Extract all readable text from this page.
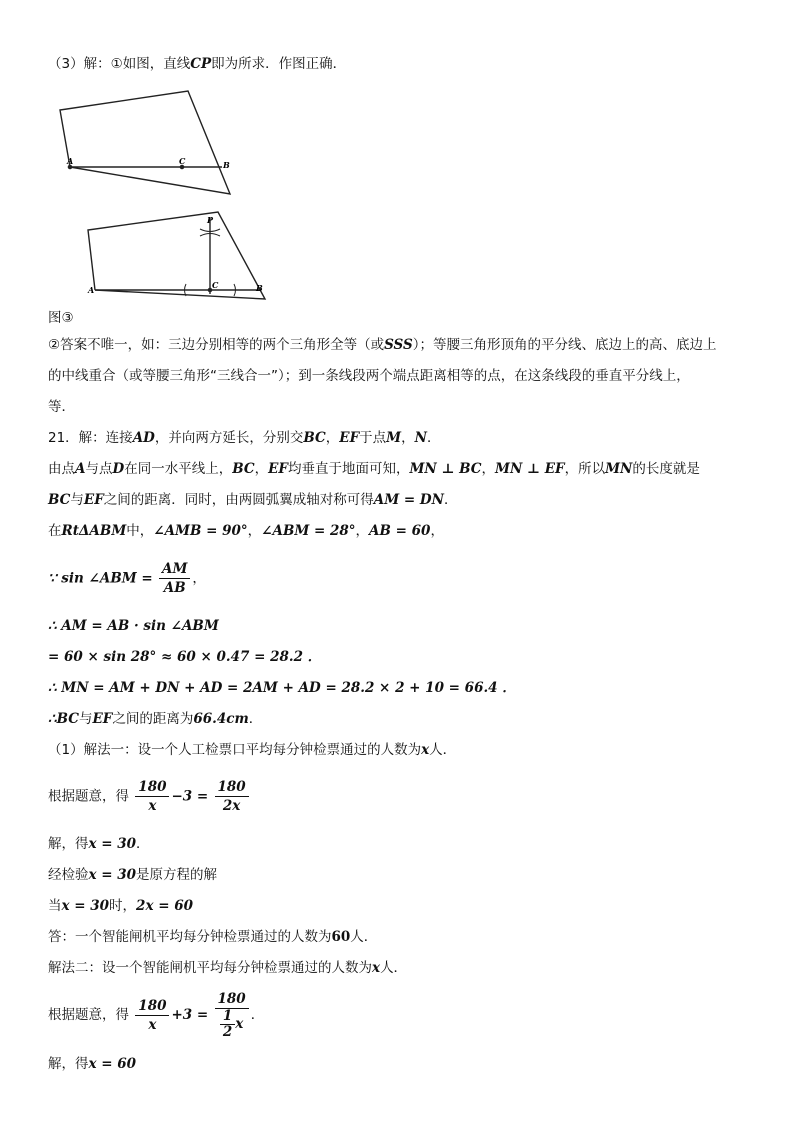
（3）解：①如图，直线CP即为所求．作图正确．
A	C	B
P
A	C	B
图③
②答案不唯一，如：三边分别相等的两个三角形全等（或SSS）；等腰三角形顶角的平分线、底边上的高、底边上
的中线重合（或等腰三角形“三线合一”）；到一条线段两个端点距离相等的点，在这条线段的垂直平分线上，
等．
21．解：连接AD，并向两方延长，分别交BC，EF于点M，N．
由点A与点D在同一水平线上，BC，EF均垂直于地面可知，MN ⊥ BC，MN ⊥ EF，所以MN的长度就是
BC与EF之间的距离．同时，由两圆弧翼成轴对称可得AM = DN．
在RtΔABM中，∠AMB = 90°，∠ABM = 28°，AB = 60，
∵ sin ∠ABM = $\frac{AM}{AB}$ ，
∴ AM = AB · sin ∠ABM
= 60 × sin 28° ≈ 60 × 0.47 = 28.2 ．
∴ MN = AM + DN + AD = 2AM + AD = 28.2 × 2 + 10 = 66.4 ．
∴BC与EF之间的距离为66.4cm．
（1）解法一：设一个人工检票口平均每分钟检票通过的人数为x人．
根据题意，得 $\frac{180}{x} -3 = \frac{180}{2x}$
解，得x = 30．
经检验x = 30是原方程的解
当x = 30时，2x = 60
答：一个智能闸机平均每分钟检票通过的人数为60人．
解法二：设一个智能闸机平均每分钟检票通过的人数为x人．
根据题意，得 $\frac{180}{x} +3 = \frac{180}{\frac{1}{2} x}$ ．
解，得x = 60
